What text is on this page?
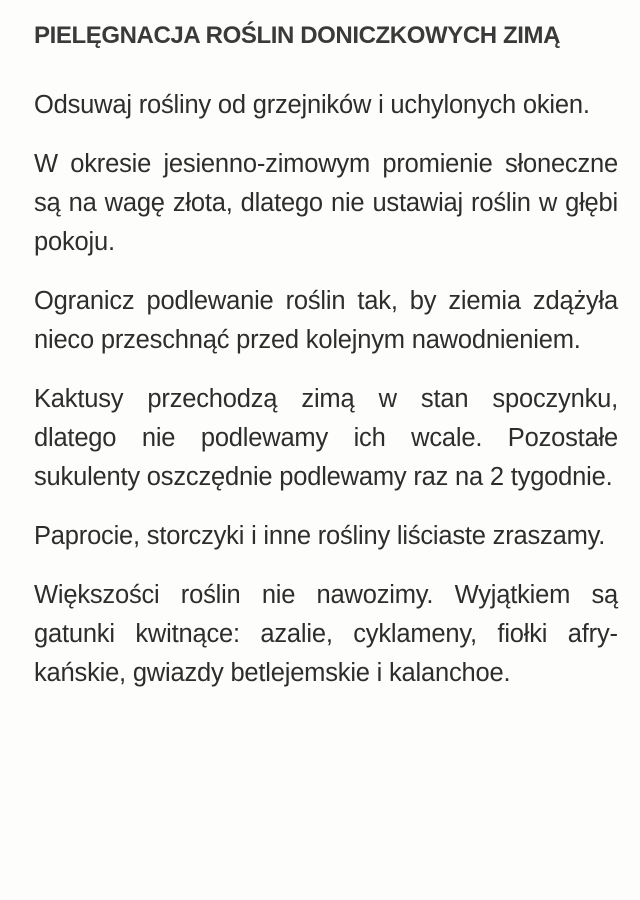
PIELĘGNACJA ROŚLIN DONICZKOWYCH ZIMĄ

Odsuwaj rośliny od grzejników i uchylonych okien.

W okresie jesienno-zimowym promienie słoneczne są na wagę złota, dlatego nie ustawiaj roślin w głębi pokoju.

Ogranicz podlewanie roślin tak, by ziemia zdążyła nieco przeschnąć przed kolejnym nawodnieniem.

Kaktusy przechodzą zimą w stan spoczynku, dlatego nie podlewamy ich wcale. Pozostałe sukulenty oszczędnie podlewamy raz na 2 tygodnie.

Paprocie, storczyki i inne rośliny liściaste zraszamy.

Większości roślin nie nawozimy. Wyjątkiem są gatunki kwitnące: azalie, cyklameny, fiołki afrykańskie, gwiazdy betlejemskie i kalanchoe.
